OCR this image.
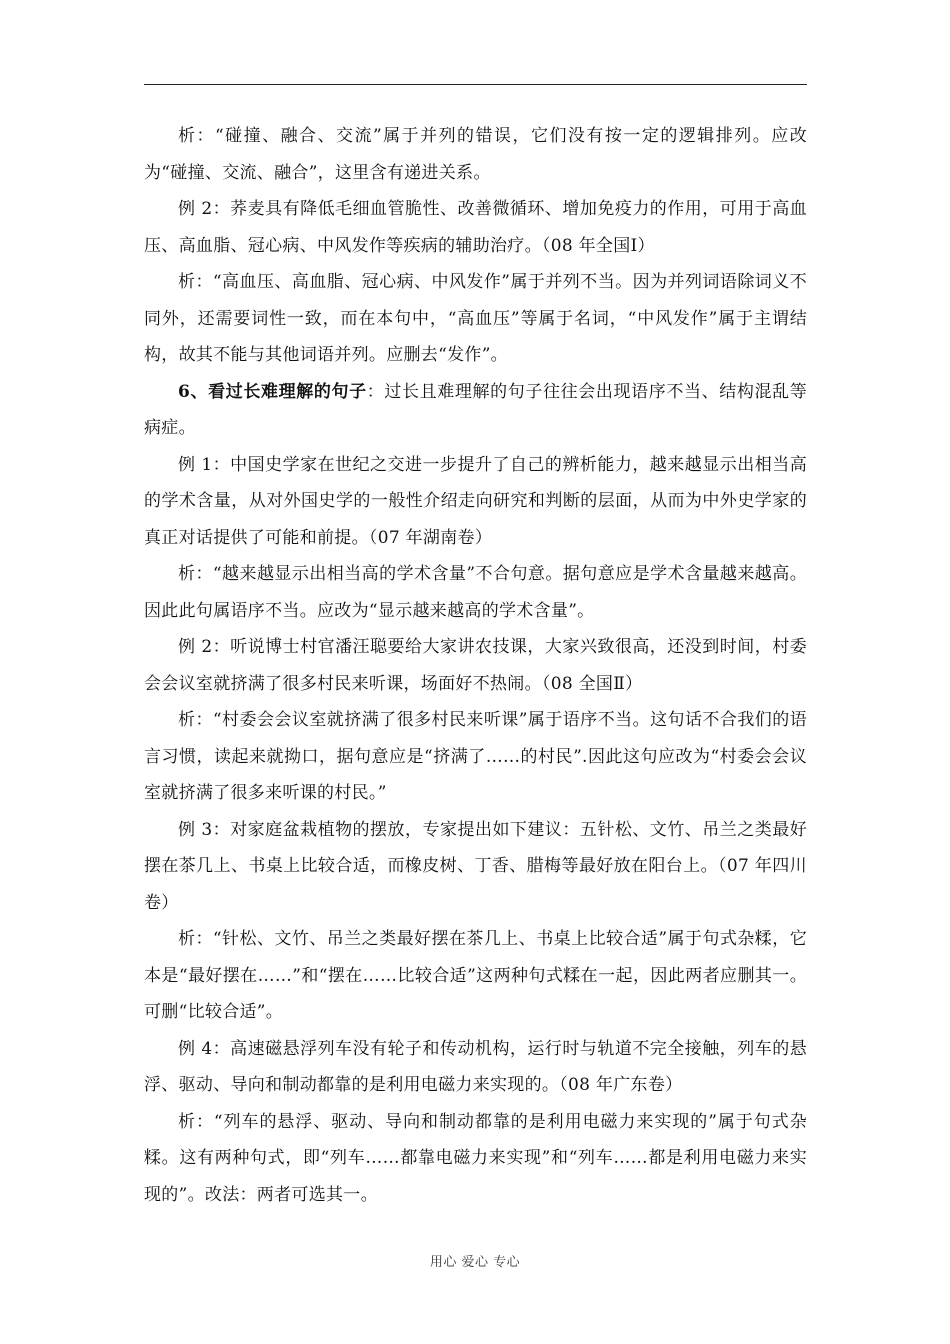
析：“碰撞、融合、交流”属于并列的错误，它们没有按一定的逻辑排列。应改为“碰撞、交流、融合”，这里含有递进关系。

例 2：荞麦具有降低毛细血管脆性、改善微循环、增加免疫力的作用，可用于高血压、高血脂、冠心病、中风发作等疾病的辅助治疗。（08 年全国Ⅰ）

析：“高血压、高血脂、冠心病、中风发作”属于并列不当。因为并列词语除词义不同外，还需要词性一致，而在本句中，“高血压”等属于名词，“中风发作”属于主谓结构，故其不能与其他词语并列。应删去“发作”。

6、看过长难理解的句子：过长且难理解的句子往往会出现语序不当、结构混乱等病症。

例 1：中国史学家在世纪之交进一步提升了自己的辨析能力，越来越显示出相当高的学术含量，从对外国史学的一般性介绍走向研究和判断的层面，从而为中外史学家的真正对话提供了可能和前提。（07 年湖南卷）

析：“越来越显示出相当高的学术含量”不合句意。据句意应是学术含量越来越高。因此此句属语序不当。应改为“显示越来越高的学术含量”。

例 2：听说博士村官潘汪聪要给大家讲农技课，大家兴致很高，还没到时间，村委会会议室就挤满了很多村民来听课，场面好不热闹。（08 全国Ⅱ）

析：“村委会会议室就挤满了很多村民来听课”属于语序不当。这句话不合我们的语言习惯，读起来就拗口，据句意应是“挤满了……的村民”.因此这句应改为“村委会会议室就挤满了很多来听课的村民。”

例 3：对家庭盆栽植物的摆放，专家提出如下建议：五针松、文竹、吊兰之类最好摆在茶几上、书桌上比较合适，而橡皮树、丁香、腊梅等最好放在阳台上。（07 年四川卷）

析：“针松、文竹、吊兰之类最好摆在茶几上、书桌上比较合适”属于句式杂糅，它本是“最好摆在……”和“摆在……比较合适”这两种句式糅在一起，因此两者应删其一。可删“比较合适”。

例 4：高速磁悬浮列车没有轮子和传动机构，运行时与轨道不完全接触，列车的悬浮、驱动、导向和制动都靠的是利用电磁力来实现的。（08 年广东卷）

析：“列车的悬浮、驱动、导向和制动都靠的是利用电磁力来实现的”属于句式杂糅。这有两种句式，即“列车……都靠电磁力来实现”和“列车……都是利用电磁力来实现的”。改法：两者可选其一。

用心 爱心 专心
